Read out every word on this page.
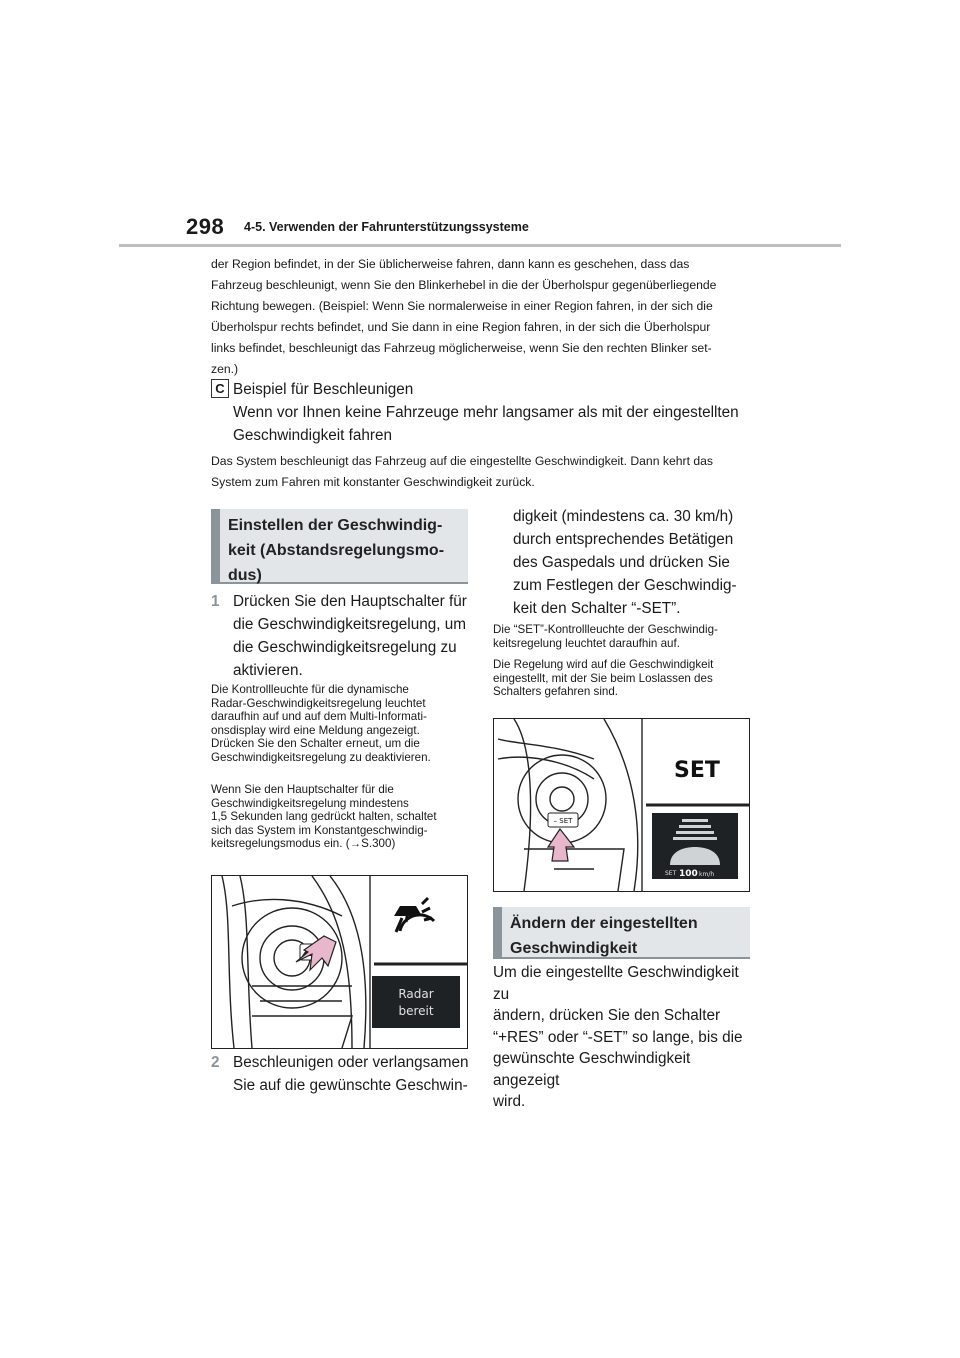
298 4-5. Verwenden der Fahrunterstützungssysteme
der Region befindet, in der Sie üblicherweise fahren, dann kann es geschehen, dass das
Fahrzeug beschleunigt, wenn Sie den Blinkerhebel in die der Überholspur gegenüberliegende
Richtung bewegen. (Beispiel: Wenn Sie normalerweise in einer Region fahren, in der sich die
Überholspur rechts befindet, und Sie dann in eine Region fahren, in der sich die Überholspur
links befindet, beschleunigt das Fahrzeug möglicherweise, wenn Sie den rechten Blinker set-
zen.)
C Beispiel für Beschleunigen
Wenn vor Ihnen keine Fahrzeuge mehr langsamer als mit der eingestellten
Geschwindigkeit fahren
Das System beschleunigt das Fahrzeug auf die eingestellte Geschwindigkeit. Dann kehrt das
System zum Fahren mit konstanter Geschwindigkeit zurück.
Einstellen der Geschwindig-
keit (Abstandsregelungsmo-
dus)
1 Drücken Sie den Hauptschalter für
die Geschwindigkeitsregelung, um
die Geschwindigkeitsregelung zu
aktivieren.
Die Kontrollleuchte für die dynamische
Radar-Geschwindigkeitsregelung leuchtet
daraufhin auf und auf dem Multi-Informati-
onsdisplay wird eine Meldung angezeigt.
Drücken Sie den Schalter erneut, um die
Geschwindigkeitsregelung zu deaktivieren.
Wenn Sie den Hauptschalter für die
Geschwindigkeitsregelung mindestens
1,5 Sekunden lang gedrückt halten, schaltet
sich das System im Konstantgeschwindig-
keitsregelungsmodus ein. (→S.300)
Radar
bereit
2 Beschleunigen oder verlangsamen
Sie auf die gewünschte Geschwin-
digkeit (mindestens ca. 30 km/h)
durch entsprechendes Betätigen
des Gaspedals und drücken Sie
zum Festlegen der Geschwindig-
keit den Schalter “-SET”.
Die “SET”-Kontrollleuchte der Geschwindig-
keitsregelung leuchtet daraufhin auf.
Die Regelung wird auf die Geschwindigkeit
eingestellt, mit der Sie beim Loslassen des
Schalters gefahren sind.
– SET
SET
SET 100 km/h
Ändern der eingestellten
Geschwindigkeit
Um die eingestellte Geschwindigkeit zu
ändern, drücken Sie den Schalter
“+RES” oder “-SET” so lange, bis die
gewünschte Geschwindigkeit angezeigt
wird.
